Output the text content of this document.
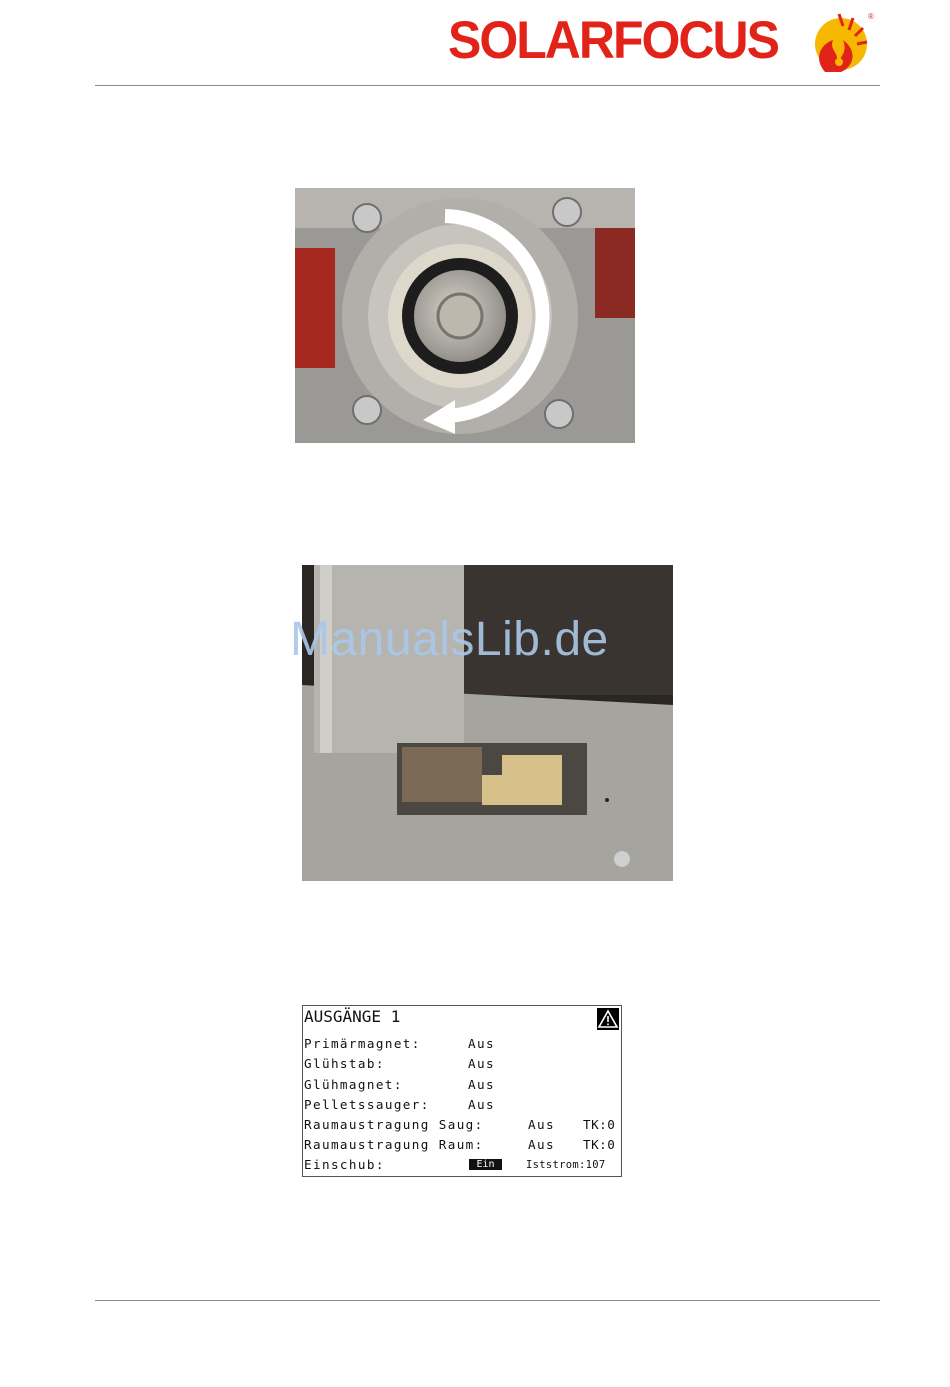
SOLARFOCUS	®
ManualsLib.de
AUSGÄNGE 1
Primärmagnet:	Aus
Glühstab:	Aus
Glühmagnet:	Aus
Pelletssauger:	Aus
Raumaustragung Saug:	Aus TK:0
Raumaustragung Raum:	Aus TK:0
Einschub:	Ein	Iststrom:107
